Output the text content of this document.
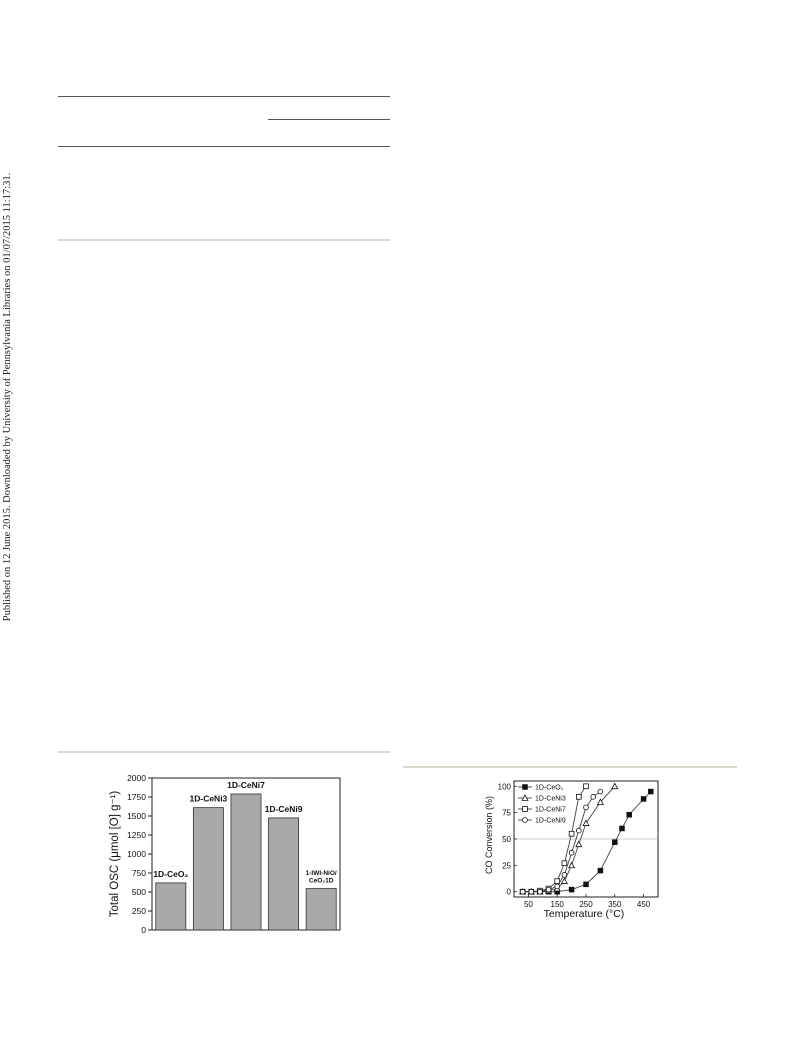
Published on 12 June 2015. Downloaded by University of Pennsylvania Libraries on 01/07/2015 11:17:31.
0
250
500
750
1000
1250
1500
1750
2000
1D-CeO₂
1D-CeNi3
1D-CeNi7
1D-CeNi9
1-IWI-NiO/
CeO₂1D
Total OSC (μmol [O] g⁻¹)	50 150 250 350 450
0
25
50
75
100	1D-CeO₂
1D-CeNi3
1D-CeNi7
1D-CeNi9
Temperature (°C)
CO Conversion (%)
